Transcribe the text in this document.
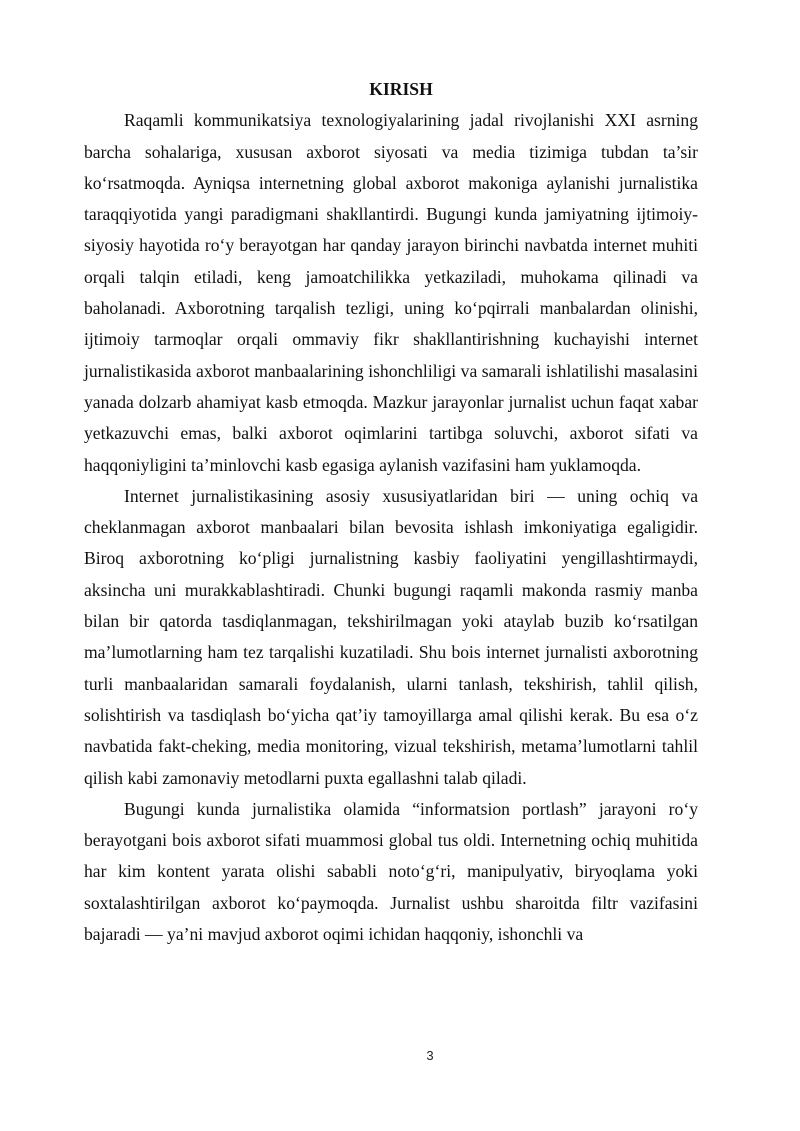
KIRISH

Raqamli kommunikatsiya texnologiyalarining jadal rivojlanishi XXI asrning barcha sohalariga, xususan axborot siyosati va media tizimiga tubdan ta’sir ko‘rsatmoqda. Ayniqsa internetning global axborot makoniga aylanishi jurnalistika taraqqiyotida yangi paradigmani shakllantirdi. Bugungi kunda jamiyatning ijtimoiy-siyosiy hayotida ro‘y berayotgan har qanday jarayon birinchi navbatda internet muhiti orqali talqin etiladi, keng jamoatchilikka yetkaziladi, muhokama qilinadi va baholanadi. Axborotning tarqalish tezligi, uning ko‘pqirrali manbalardan olinishi, ijtimoiy tarmoqlar orqali ommaviy fikr shakllantirishning kuchayishi internet jurnalistikasida axborot manbaalarining ishonchliligi va samarali ishlatilishi masalasini yanada dolzarb ahamiyat kasb etmoqda. Mazkur jarayonlar jurnalist uchun faqat xabar yetkazuvchi emas, balki axborot oqimlarini tartibga soluvchi, axborot sifati va haqqoniyligini ta’minlovchi kasb egasiga aylanish vazifasini ham yuklamoqda.

Internet jurnalistikasining asosiy xususiyatlaridan biri — uning ochiq va cheklanmagan axborot manbaalari bilan bevosita ishlash imkoniyatiga egaligidir. Biroq axborotning ko‘pligi jurnalistning kasbiy faoliyatini yengillashtirmaydi, aksincha uni murakkablashtiradi. Chunki bugungi raqamli makonda rasmiy manba bilan bir qatorda tasdiqlanmagan, tekshirilmagan yoki ataylab buzib ko‘rsatilgan ma’lumotlarning ham tez tarqalishi kuzatiladi. Shu bois internet jurnalisti axborotning turli manbaalaridan samarali foydalanish, ularni tanlash, tekshirish, tahlil qilish, solishtirish va tasdiqlash bo‘yicha qat’iy tamoyillarga amal qilishi kerak. Bu esa o‘z navbatida fakt-cheking, media monitoring, vizual tekshirish, metama’lumotlarni tahlil qilish kabi zamonaviy metodlarni puxta egallashni talab qiladi.

Bugungi kunda jurnalistika olamida “informatsion portlash” jarayoni ro‘y berayotgani bois axborot sifati muammosi global tus oldi. Internetning ochiq muhitida har kim kontent yarata olishi sababli noto‘g‘ri, manipulyativ, biryoqlama yoki soxtalashtirilgan axborot ko‘paymoqda. Jurnalist ushbu sharoitda filtr vazifasini bajaradi — ya’ni mavjud axborot oqimi ichidan haqqoniy, ishonchli va

3
